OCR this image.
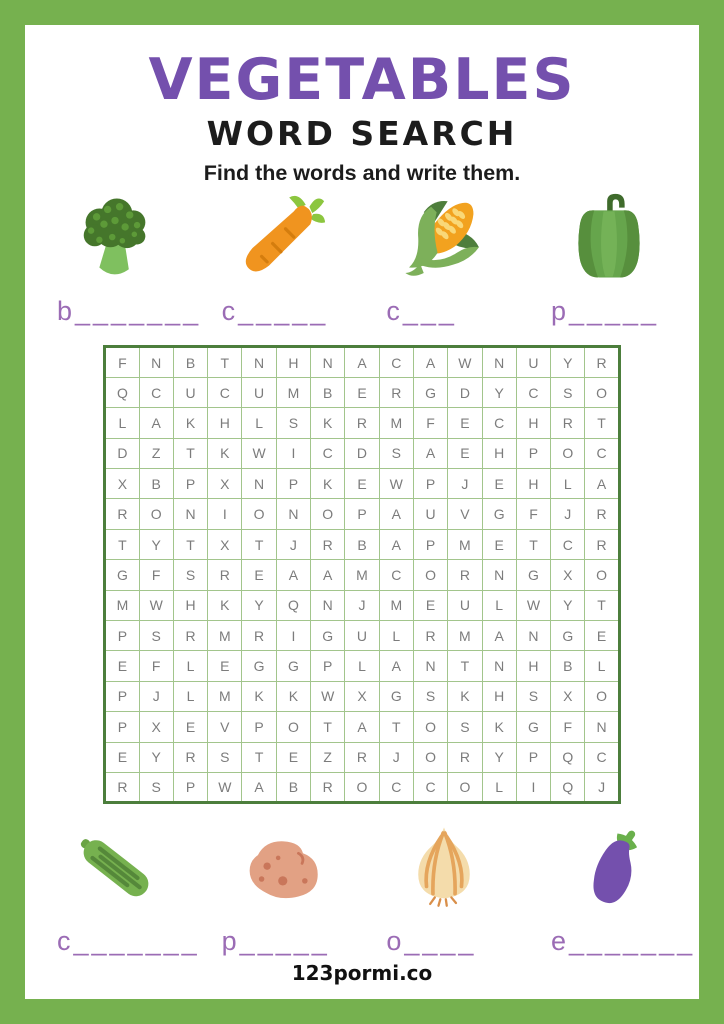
VEGETABLES
WORD SEARCH
Find the words and write them.
b_______ c_____	c___	p_____
F	N	B	T	N	H	N	A	C	A	W	N	U	Y	R
Q	C	U	C	U	M	B	E	R	G	D	Y	C	S	O
L	A	K	H	L	S	K	R	M	F	E	C	H	R	T
D	Z	T	K	W	I	C	D	S	A	E	H	P	O	C
X	B	P	X	N	P	K	E	W	P	J	E	H	L	A
R	O	N	I	O	N	O	P	A	U	V	G	F	J	R
T	Y	T	X	T	J	R	B	A	P	M	E	T	C	R
G	F	S	R	E	A	A	M	C	O	R	N	G	X	O
M	W	H	K	Y	Q	N	J	M	E	U	L	W	Y	T
P	S	R	M	R	I	G	U	L	R	M	A	N	G	E
E	F	L	E	G	G	P	L	A	N	T	N	H	B	L
P	J	L	M	K	K	W	X	G	S	K	H	S	X	O
P	X	E	V	P	O	T	A	T	O	S	K	G	F	N
E	Y	R	S	T	E	Z	R	J	O	R	Y	P	Q	C
R	S	P	W	A	B	R	O	C	C	O	L	I	Q	J
c_______ p_____	o____	e_______
123pormi.co
